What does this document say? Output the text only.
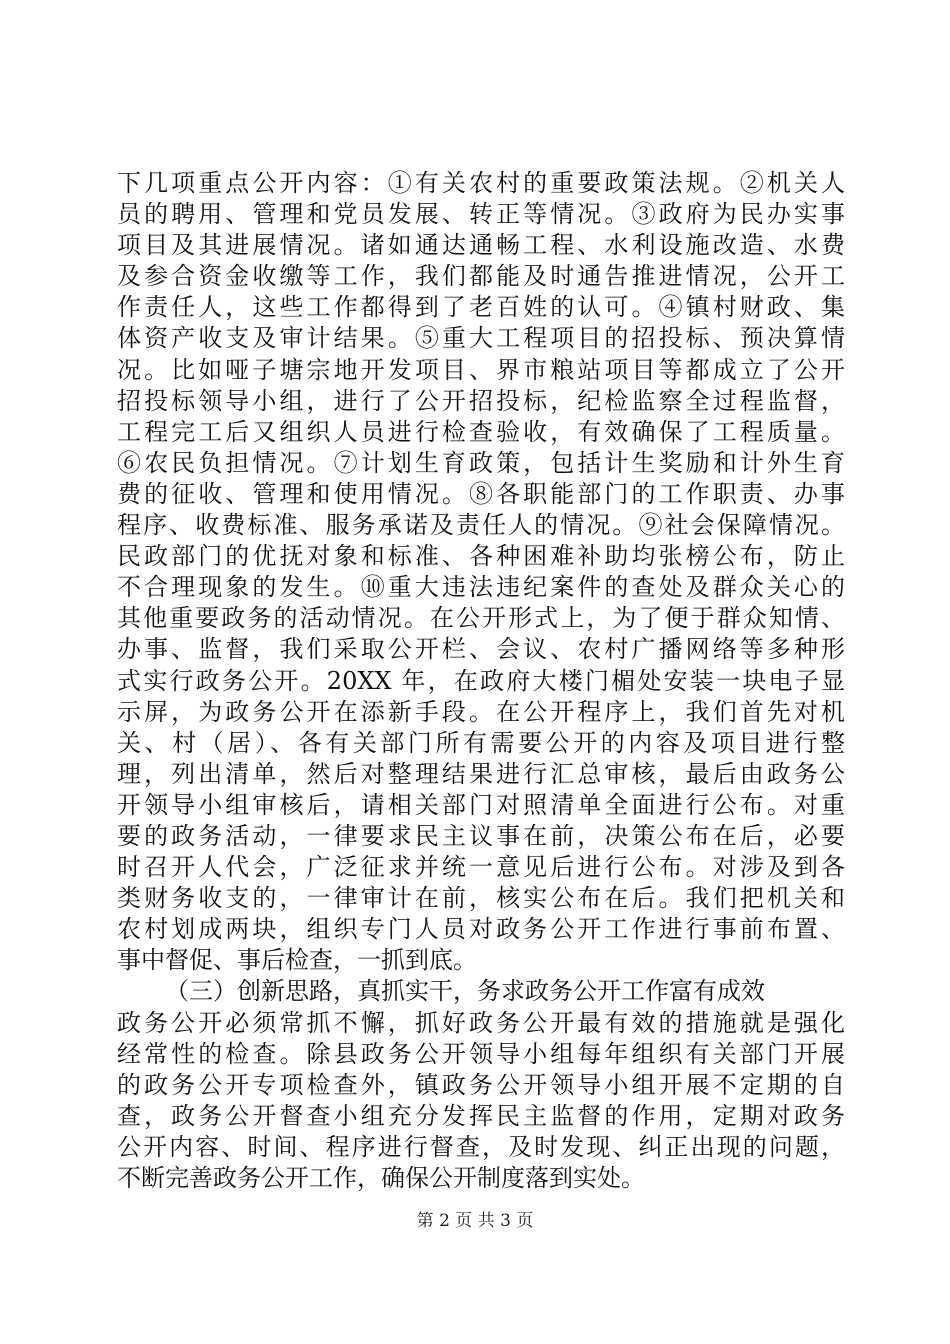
下几项重点公开内容：①有关农村的重要政策法规。②机关人
员的聘用、管理和党员发展、转正等情况。③政府为民办实事
项目及其进展情况。诸如通达通畅工程、水利设施改造、水费
及参合资金收缴等工作，我们都能及时通告推进情况，公开工
作责任人，这些工作都得到了老百姓的认可。④镇村财政、集
体资产收支及审计结果。⑤重大工程项目的招投标、预决算情
况。比如哑子塘宗地开发项目、界市粮站项目等都成立了公开
招投标领导小组，进行了公开招投标，纪检监察全过程监督，
工程完工后又组织人员进行检查验收，有效确保了工程质量。
⑥农民负担情况。⑦计划生育政策，包括计生奖励和计外生育
费的征收、管理和使用情况。⑧各职能部门的工作职责、办事
程序、收费标准、服务承诺及责任人的情况。⑨社会保障情况。
民政部门的优抚对象和标准、各种困难补助均张榜公布，防止
不合理现象的发生。⑩重大违法违纪案件的查处及群众关心的
其他重要政务的活动情况。在公开形式上，为了便于群众知情、
办事、监督，我们采取公开栏、会议、农村广播网络等多种形
式实行政务公开。20XX 年，在政府大楼门楣处安装一块电子显
示屏，为政务公开在添新手段。在公开程序上，我们首先对机
关、村（居）、各有关部门所有需要公开的内容及项目进行整
理，列出清单，然后对整理结果进行汇总审核，最后由政务公
开领导小组审核后，请相关部门对照清单全面进行公布。对重
要的政务活动，一律要求民主议事在前，决策公布在后，必要
时召开人代会，广泛征求并统一意见后进行公布。对涉及到各
类财务收支的，一律审计在前，核实公布在后。我们把机关和
农村划成两块，组织专门人员对政务公开工作进行事前布置、
事中督促、事后检查，一抓到底。
（三）创新思路，真抓实干，务求政务公开工作富有成效
政务公开必须常抓不懈，抓好政务公开最有效的措施就是强化
经常性的检查。除县政务公开领导小组每年组织有关部门开展
的政务公开专项检查外，镇政务公开领导小组开展不定期的自
查，政务公开督查小组充分发挥民主监督的作用，定期对政务
公开内容、时间、程序进行督查，及时发现、纠正出现的问题，
不断完善政务公开工作，确保公开制度落到实处。
第 2 页 共 3 页
